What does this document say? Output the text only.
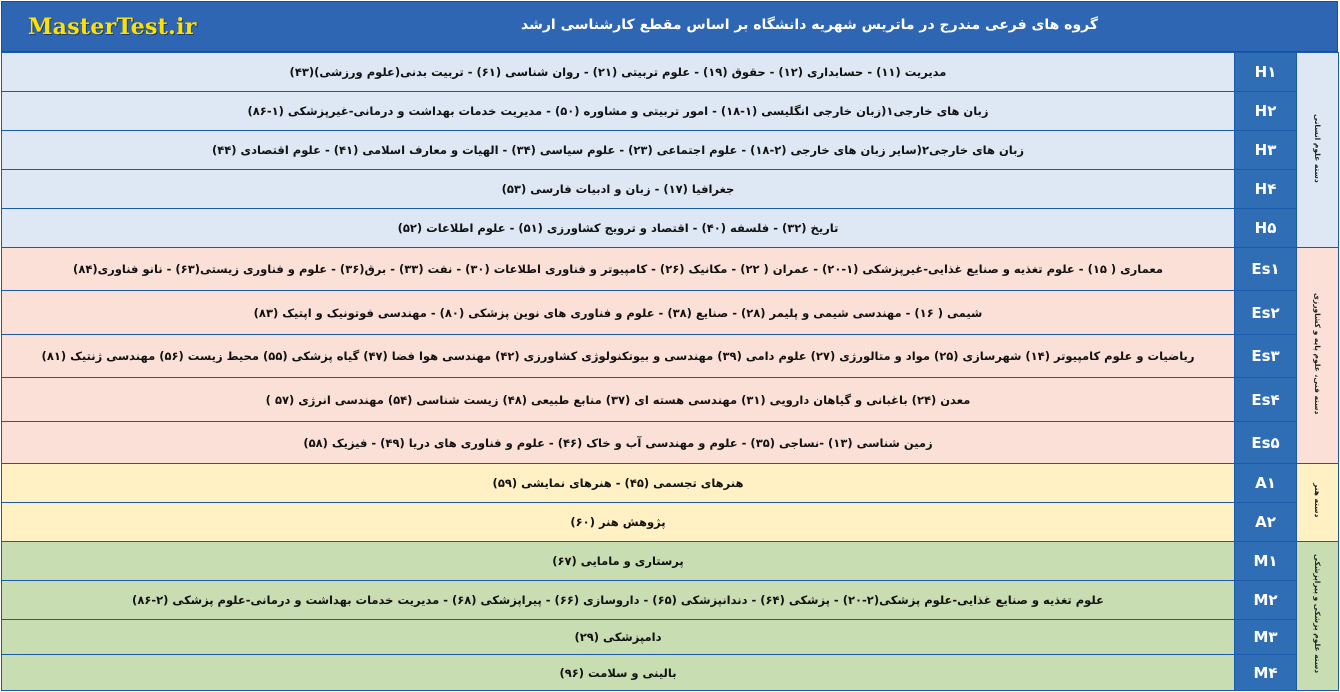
MasterTest.ir	گروه های فرعی مندرج در ماتریس شهریه دانشگاه بر اساس مقطع کارشناسی ارشد
مدیریت (۱۱) - حسابداری (۱۲) - حقوق (۱۹) - علوم تربیتی (۲۱) - روان شناسی (۶۱) - تربیت بدنی(علوم ورزشی)(۴۳)	H۱	دسته علوم انسانی
زبان های خارجی۱(زبان خارجی انگلیسی (۱-۱۸) - امور تربیتی و مشاوره (۵۰) - مدیریت خدمات بهداشت و درمانی-غیرپزشکی (۱-۸۶)	H۲	
زبان های خارجی۲(سایر زبان های خارجی (۲-۱۸) - علوم اجتماعی (۲۳) - علوم سیاسی (۳۴) - الهیات و معارف اسلامی (۴۱) - علوم اقتصادی (۴۴)	H۳	
جغرافیا (۱۷) - زبان و ادبیات فارسی (۵۳)	H۴	
تاریخ (۳۲) - فلسفه (۴۰) - اقتصاد و ترویج کشاورزی (۵۱) - علوم اطلاعات (۵۲)	H۵	
معماری ( ۱۵) - علوم تغذیه و صنایع غذایی-غیرپزشکی (۱-۲۰) - عمران ( ۲۲) - مکانیک (۲۶) - کامپیوتر و فناوری اطلاعات (۳۰) - نفت (۳۳) - برق(۳۶) - علوم و فناوری زیستی(۶۳) - نانو فناوری(۸۴)	Es۱	دسته فنی، علوم پایه و کشاورزی
شیمی ( ۱۶) - مهندسی شیمی و پلیمر (۲۸) - صنایع (۳۸) - علوم و فناوری های نوین پزشکی (۸۰) - مهندسی فوتونیک و اپتیک (۸۳)	Es۲	
ریاضیات و علوم کامپیوتر (۱۴) شهرسازی (۲۵) مواد و متالورژی (۲۷) علوم دامی (۳۹) مهندسی و بیوتکنولوژی کشاورزی (۴۲) مهندسی هوا فضا (۴۷) گیاه پزشکی (۵۵) محیط زیست (۵۶) مهندسی ژنتیک (۸۱)	Es۳	
معدن (۲۴) باغبانی و گیاهان دارویی (۳۱) مهندسی هسته ای (۳۷) منابع طبیعی (۴۸) زیست شناسی (۵۴) مهندسی انرژی (۵۷ )	Es۴	
زمین شناسی (۱۳) -نساجی (۳۵) - علوم و مهندسی آب و خاک (۴۶) - علوم و فناوری های دریا (۴۹) - فیزیک (۵۸)	Es۵	
هنرهای تجسمی (۴۵) - هنرهای نمایشی (۵۹)	A۱	دسته هنر
پژوهش هنر (۶۰)	A۲	
پرستاری و مامایی (۶۷)	M۱	دسته علوم پزشکی و پیراپزشکی
علوم تغذیه و صنایع غذایی-علوم پزشکی(۲-۲۰) - پزشکی (۶۴) - دندانپزشکی (۶۵) - داروسازی (۶۶) - پیراپزشکی (۶۸) - مدیریت خدمات بهداشت و درمانی-علوم پزشکی (۲-۸۶)	M۲	
دامپزشکی (۲۹)	M۳	
بالینی و سلامت (۹۶)	M۴	
